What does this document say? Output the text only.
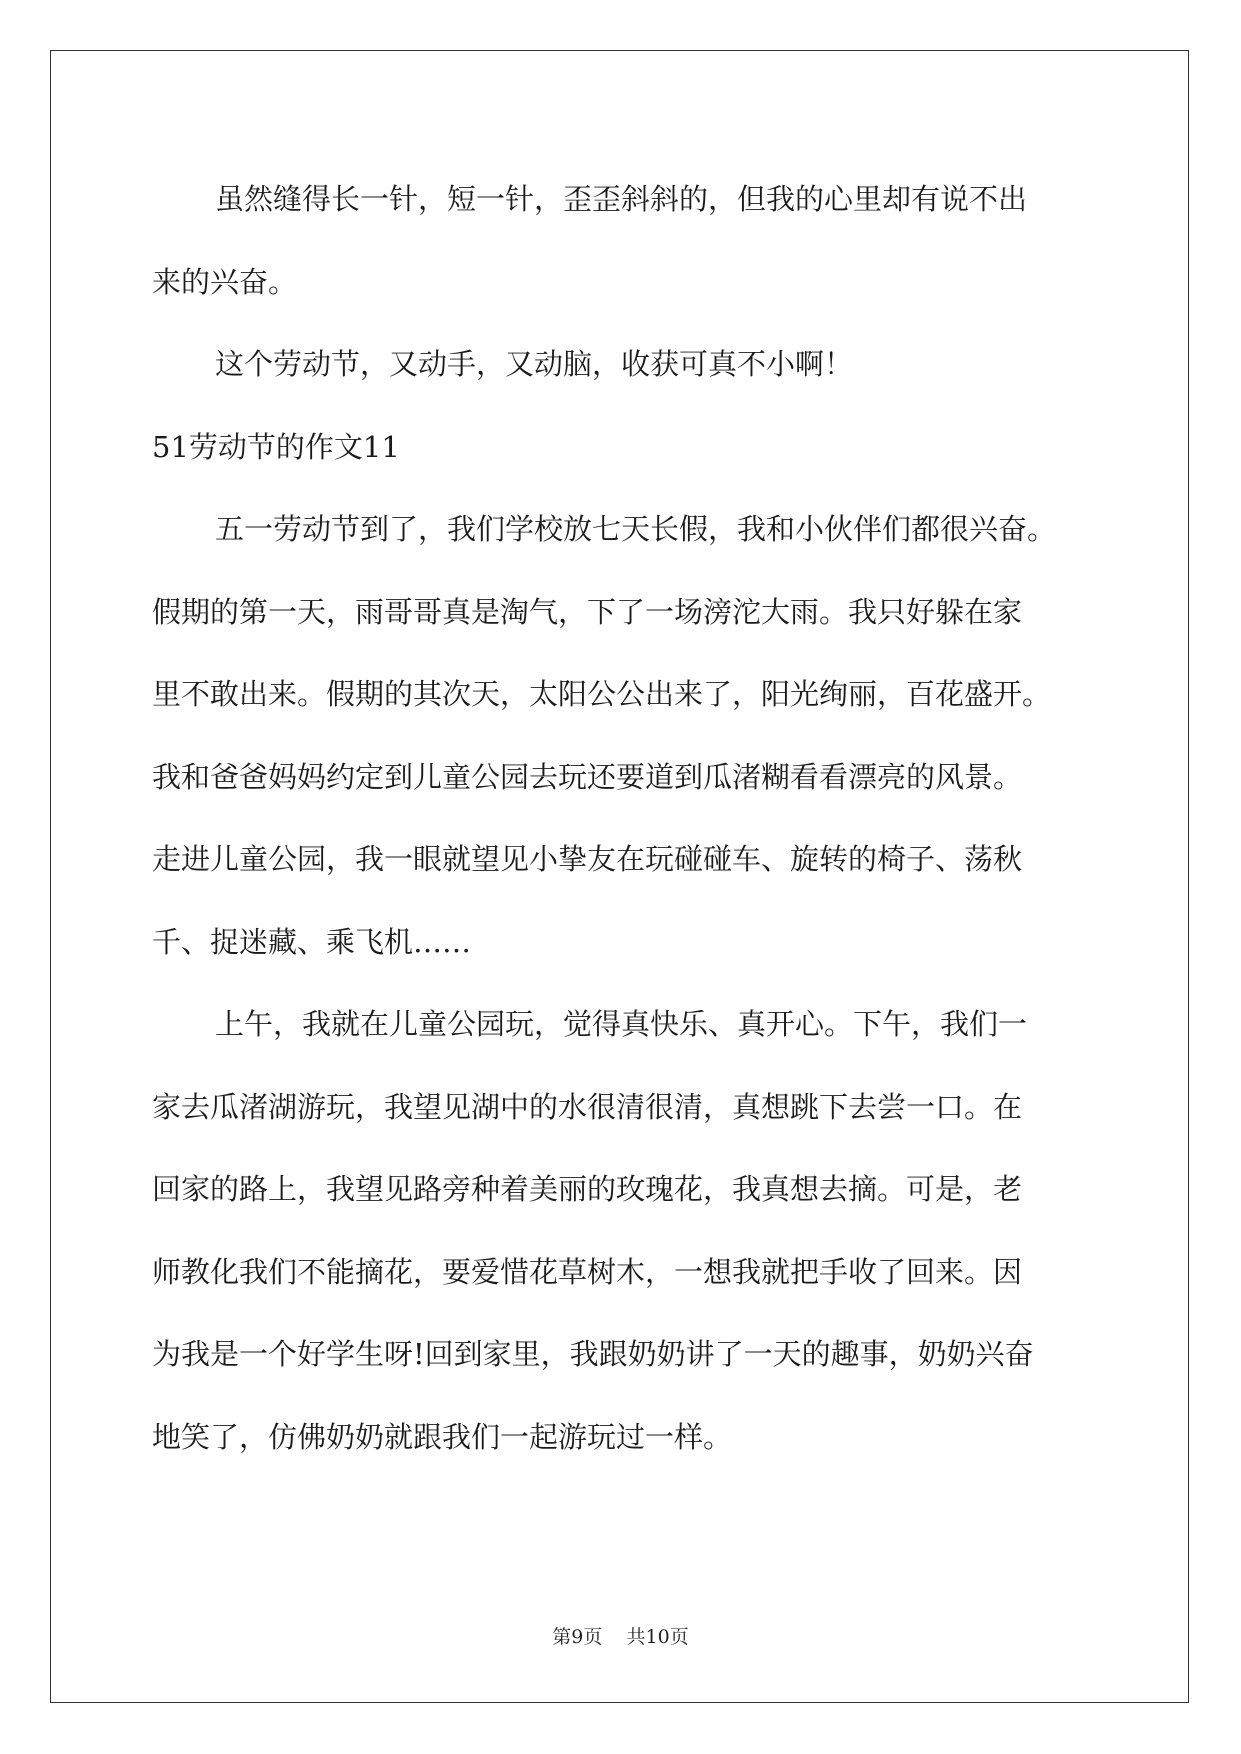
虽然缝得长一针，短一针，歪歪斜斜的，但我的心里却有说不出
来的兴奋。
这个劳动节，又动手，又动脑，收获可真不小啊！
51劳动节的作文11
五一劳动节到了，我们学校放七天长假，我和小伙伴们都很兴奋。
假期的第一天，雨哥哥真是淘气，下了一场滂沱大雨。我只好躲在家
里不敢出来。假期的其次天，太阳公公出来了，阳光绚丽，百花盛开。
我和爸爸妈妈约定到儿童公园去玩还要道到瓜渚糊看看漂亮的风景。
走进儿童公园，我一眼就望见小挚友在玩碰碰车、旋转的椅子、荡秋
千、捉迷藏、乘飞机……
上午，我就在儿童公园玩，觉得真快乐、真开心。下午，我们一
家去瓜渚湖游玩，我望见湖中的水很清很清，真想跳下去尝一口。在
回家的路上，我望见路旁种着美丽的玫瑰花，我真想去摘。可是，老
师教化我们不能摘花，要爱惜花草树木，一想我就把手收了回来。因
为我是一个好学生呀!回到家里，我跟奶奶讲了一天的趣事，奶奶兴奋
地笑了，仿佛奶奶就跟我们一起游玩过一样。
第9页 共10页
